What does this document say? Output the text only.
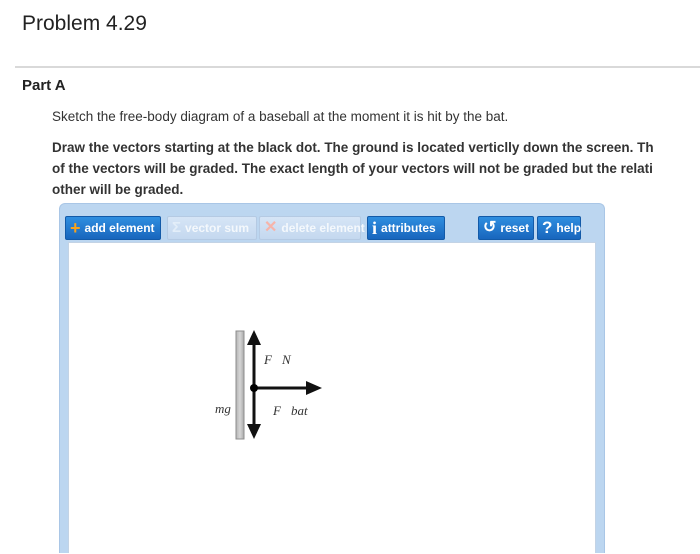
Problem 4.29
Part A
Sketch the free-body diagram of a baseball at the moment it is hit by the bat.
Draw the vectors starting at the black dot. The ground is located verticlly down the screen. Th
of the vectors will be graded. The exact length of your vectors will not be graded but the relati
other will be graded.
+ add element Σ vector sum ✕ delete element i attributes	↺ reset ? help
F⃗N
mg⃗ F⃗bat
